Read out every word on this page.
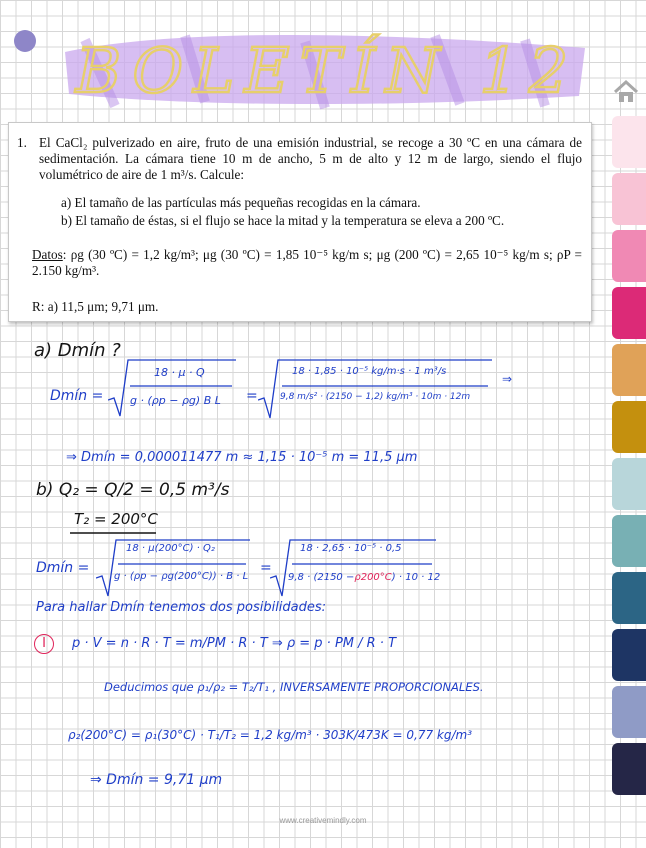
BOLETÍN 12
1. El CaCl₂ pulverizado en aire, fruto de una emisión industrial, se recoge a 30 ºC en una cámara de sedimentación. La cámara tiene 10 m de ancho, 5 m de alto y 12 m de largo, siendo el flujo volumétrico de aire de 1 m³/s. Calcule:

a) El tamaño de las partículas más pequeñas recogidas en la cámara.

b) El tamaño de éstas, si el flujo se hace la mitad y la temperatura se eleva a 200 ºC.

Datos: ρg (30 ºC) = 1,2 kg/m³; μg (30 ºC) = 1,85 10⁻⁵ kg/m s; μg (200 ºC) = 2,65 10⁻⁵ kg/m s; ρP = 2.150 kg/m³.

R: a) 11,5 μm; 9,71 μm.

a) Dmín ?
Dmín =
18 · μ · Q
g · (ρp − ρg) B L =
18 · 1,85 · 10⁻⁵ kg/m·s · 1 m³/s
9,8 m/s² · (2150 − 1,2) kg/m³ · 10m · 12m
⇒
⇒ Dmín = 0,000011477 m ≈ 1,15 · 10⁻⁵ m = 11,5 μm
b) Q₂ = Q/2 = 0,5 m³/s
T₂ = 200°C
Dmín =
18 · μ(200°C) · Q₂
g · (ρp − ρg(200°C)) · B · L
=
18 · 2,65 · 10⁻⁵ · 0,5
9,8 · (2150 −ρ200°C) · 10 · 12
Para hallar Dmín tenemos dos posibilidades:
I	p · V = n · R · T = m/PM · R · T ⇒ ρ = p · PM / R · T
Deducimos que ρ₁/ρ₂ = T₂/T₁ , INVERSAMENTE PROPORCIONALES.
ρ₂(200°C) = ρ₁(30°C) · T₁/T₂ = 1,2 kg/m³ · 303K/473K = 0,77 kg/m³
⇒ Dmín = 9,71 μm
www.creativemindly.com
